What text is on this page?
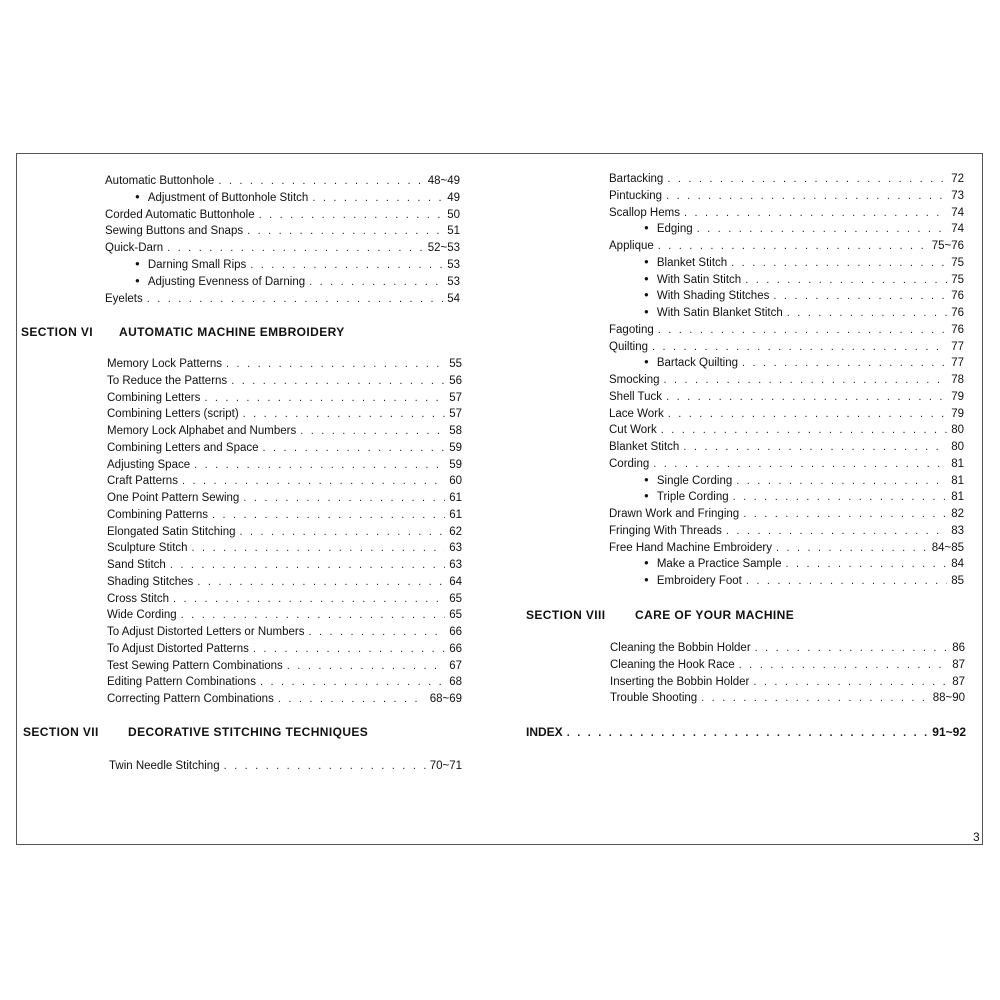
Automatic Buttonhole . . .	48~49
● Adjustment of Buttonhole Stitch . . .	49
Corded Automatic Buttonhole . . .	50
Sewing Buttons and Snaps . . .	51
Quick-Darn . . .	52~53
● Darning Small Rips . . .	53
● Adjusting Evenness of Darning . . .	53
Eyelets . . .	54
SECTION VI AUTOMATIC MACHINE EMBROIDERY
Memory Lock Patterns . . .	55
To Reduce the Patterns . . .	56
Combining Letters . . .	57
Combining Letters (script) . . .	57
Memory Lock Alphabet and Numbers . . .	58
Combining Letters and Space . . .	59
Adjusting Space . . .	59
Craft Patterns . . .	60
One Point Pattern Sewing . . .	61
Combining Patterns . . .	61
Elongated Satin Stitching . . .	62
Sculpture Stitch . . .	63
Sand Stitch . . .	63
Shading Stitches . . .	64
Cross Stitch . . .	65
Wide Cording . . .	65
To Adjust Distorted Letters or Numbers . . .	66
To Adjust Distorted Patterns . . .	66
Test Sewing Pattern Combinations . . .	67
Editing Pattern Combinations . . .	68
Correcting Pattern Combinations . . .	68~69
SECTION VII DECORATIVE STITCHING TECHNIQUES
Twin Needle Stitching . . .	70~71
Bartacking . . .	72
Pintucking . . .	73
Scallop Hems . . .	74
● Edging . . .	74
Applique . . .	75~76
● Blanket Stitch . . .	75
● With Satin Stitch . . .	75
● With Shading Stitches . . .	76
● With Satin Blanket Stitch . . .	76
Fagoting . . .	76
Quilting . . .	77
● Bartack Quilting . . .	77
Smocking . . .	78
Shell Tuck . . .	79
Lace Work . . .	79
Cut Work . . .	80
Blanket Stitch . . .	80
Cording . . .	81
● Single Cording . . .	81
● Triple Cording . . .	81
Drawn Work and Fringing . . .	82
Fringing With Threads . . .	83
Free Hand Machine Embroidery . . .	84~85
● Make a Practice Sample . . .	84
● Embroidery Foot . . .	85
SECTION VIII CARE OF YOUR MACHINE
Cleaning the Bobbin Holder . . .	86
Cleaning the Hook Race . . .	87
Inserting the Bobbin Holder . . .	87
Trouble Shooting . . .	88~90
INDEX . . .	91~92
3
